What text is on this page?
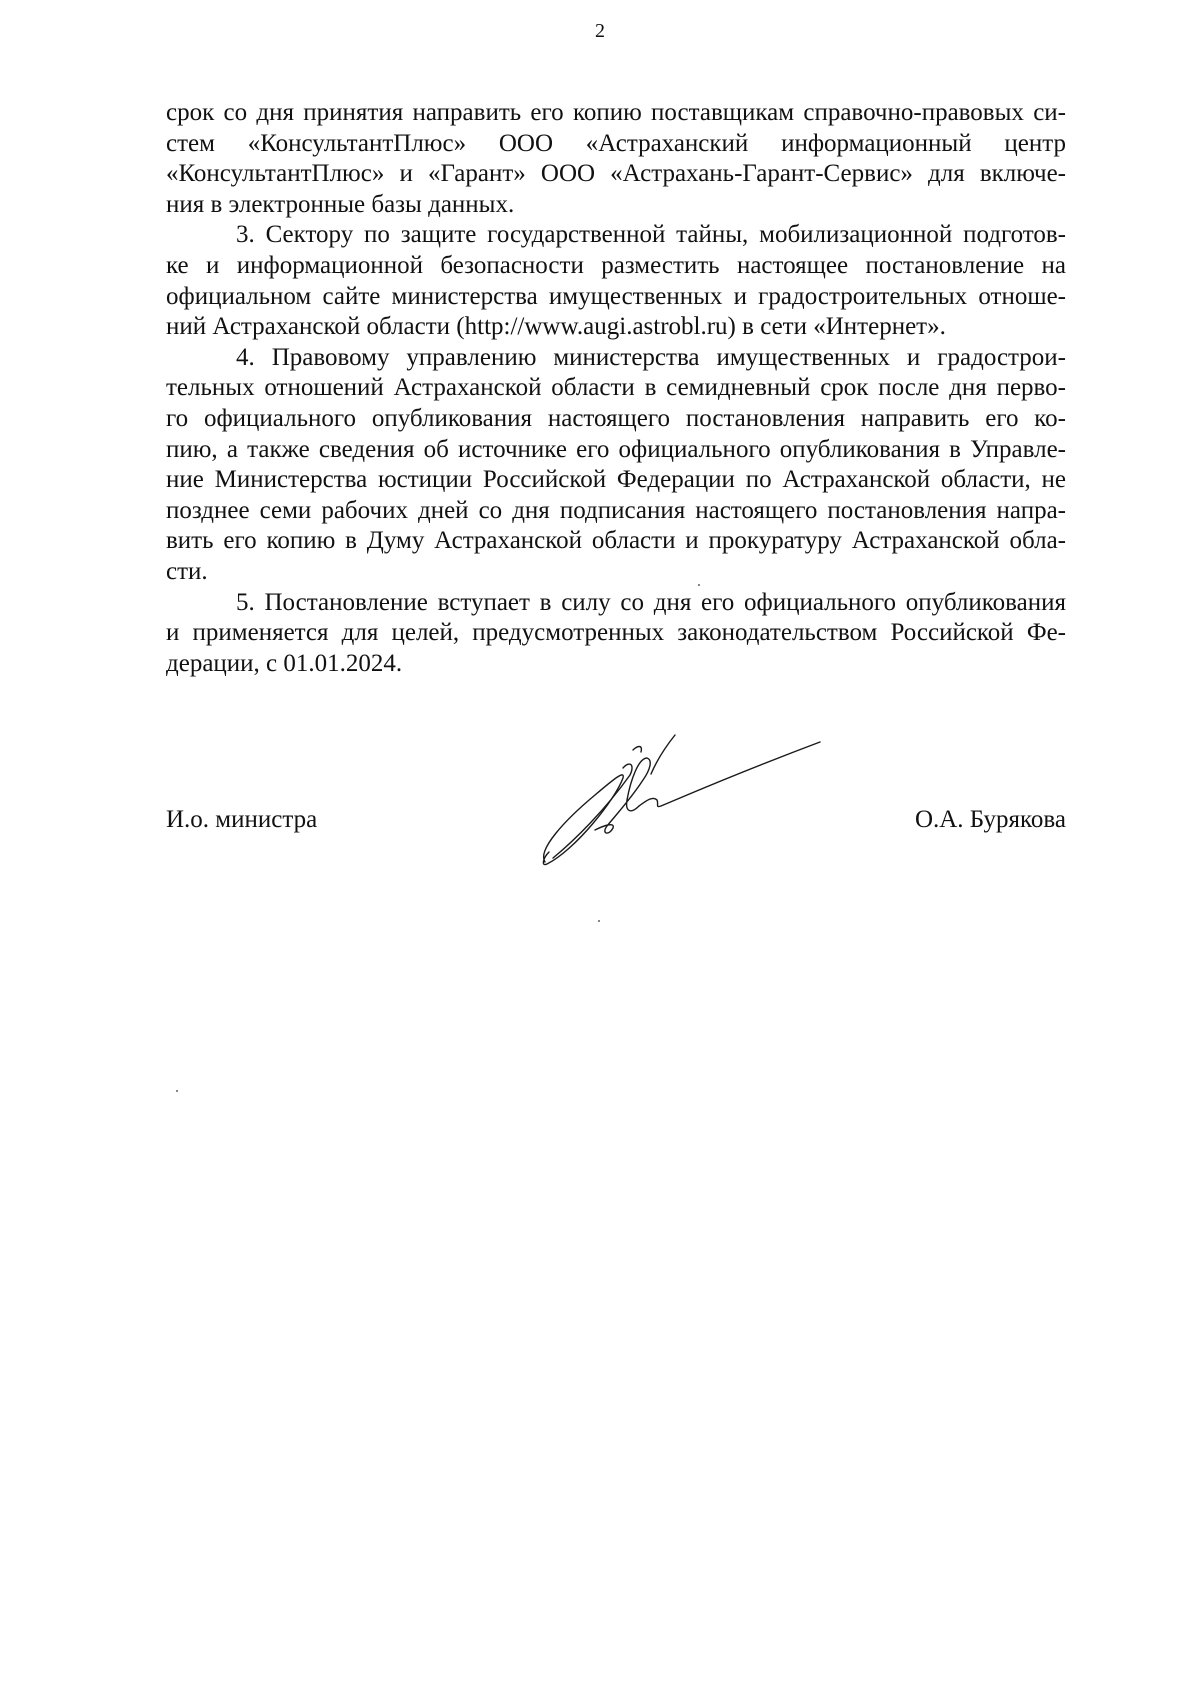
2
срок со дня принятия направить его копию поставщикам справочно-правовых си-
стем «КонсультантПлюс» ООО «Астраханский информационный центр
«КонсультантПлюс» и «Гарант» ООО «Астрахань-Гарант-Сервис» для включе-
ния в электронные базы данных.
3. Сектору по защите государственной тайны, мобилизационной подготов-
ке и информационной безопасности разместить настоящее постановление на
официальном сайте министерства имущественных и градостроительных отноше-
ний Астраханской области (http://www.augi.astrobl.ru) в сети «Интернет».
4. Правовому управлению министерства имущественных и градострои-
тельных отношений Астраханской области в семидневный срок после дня перво-
го официального опубликования настоящего постановления направить его ко-
пию, а также сведения об источнике его официального опубликования в Управле-
ние Министерства юстиции Российской Федерации по Астраханской области, не
позднее семи рабочих дней со дня подписания настоящего постановления напра-
вить его копию в Думу Астраханской области и прокуратуру Астраханской обла-
сти.
5. Постановление вступает в силу со дня его официального опубликования
и применяется для целей, предусмотренных законодательством Российской Фе-
дерации, с 01.01.2024.
И.о. министра	О.А. Бурякова
